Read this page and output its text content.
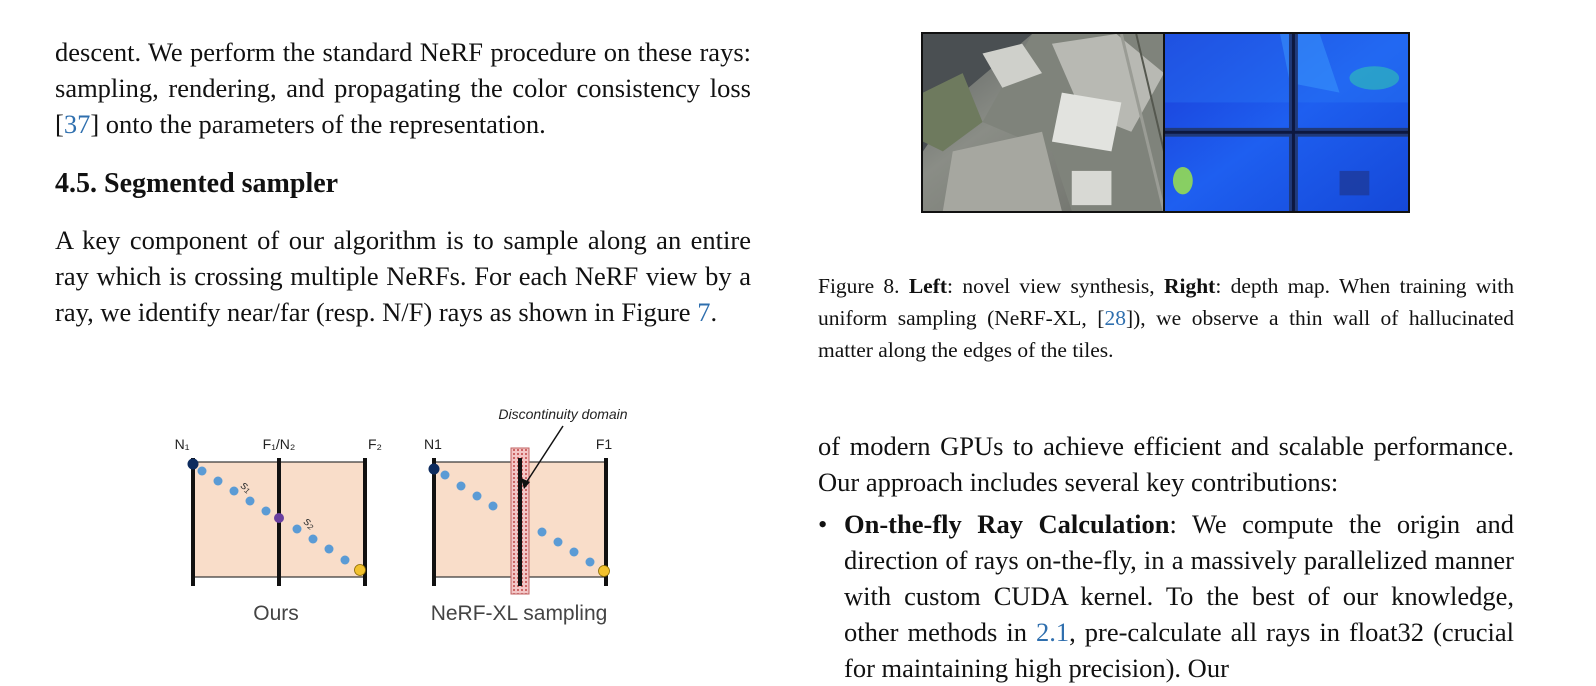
descent. We perform the standard NeRF procedure on these rays: sampling, rendering, and propagating the color consistency loss [37] onto the parameters of the representation.

4.5. Segmented sampler

A key component of our algorithm is to sample along an entire ray which is crossing multiple NeRFs. For each NeRF view by a ray, we identify near/far (resp. N/F) rays as shown in Figure 7.

N₁	F₁/N₂	F₂
s₁
s₂
Ours
Discontinuity domain
N1	F1
NeRF-XL sampling

Figure 8. Left: novel view synthesis, Right: depth map. When training with uniform sampling (NeRF-XL, [28]), we observe a thin wall of hallucinated matter along the edges of the tiles.

of modern GPUs to achieve efficient and scalable performance. Our approach includes several key contributions:

• On-the-fly Ray Calculation: We compute the origin and direction of rays on-the-fly, in a massively parallelized manner with custom CUDA kernel. To the best of our knowledge, other methods in 2.1, pre-calculate all rays in float32 (crucial for maintaining high precision). Our
